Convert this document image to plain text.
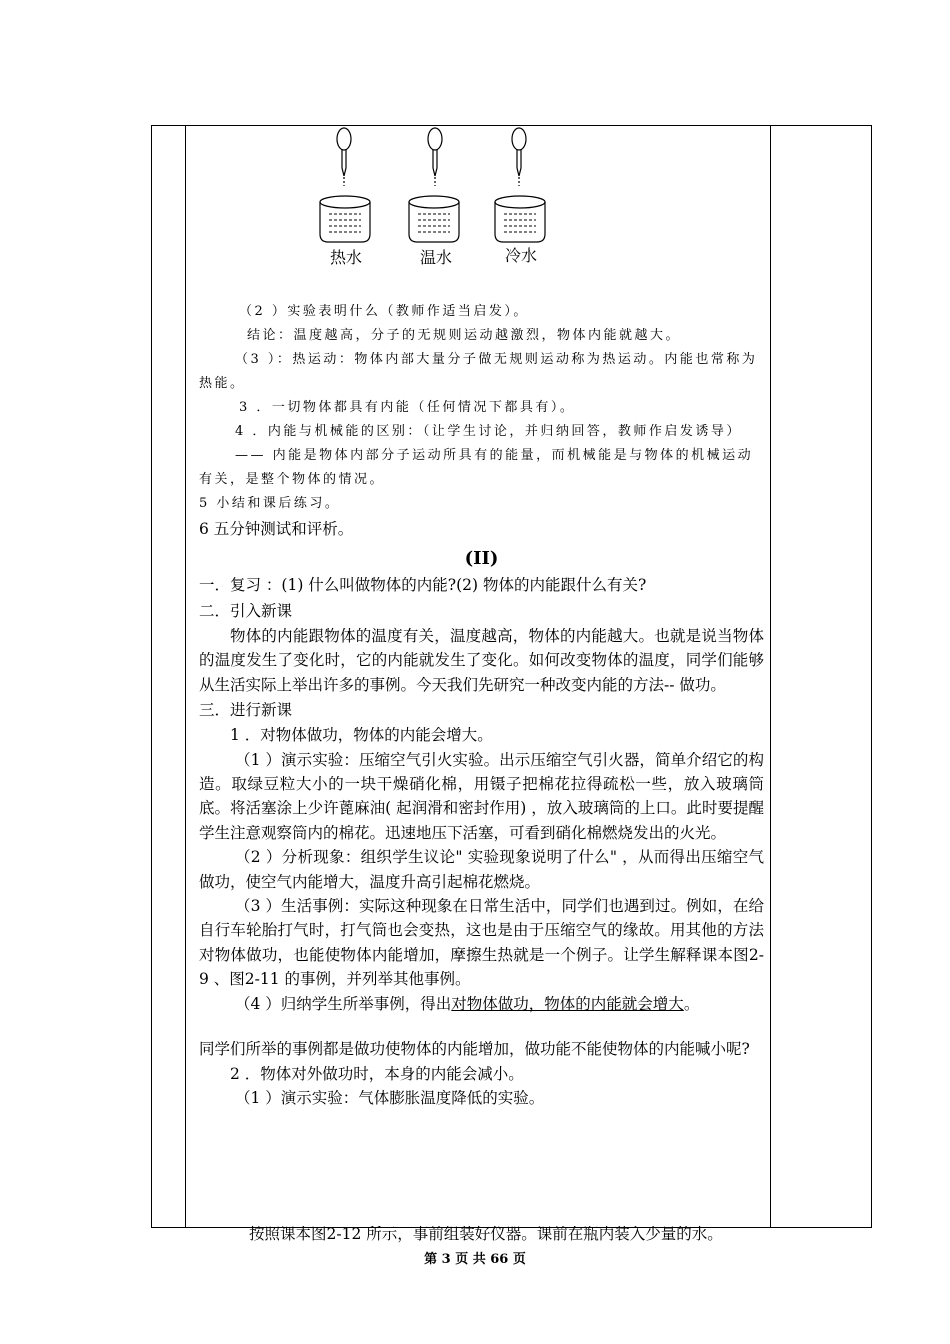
热水	温水	冷水

（2 ）实验表明什么（教师作适当启发）。

结论：温度越高，分子的无规则运动越激烈，物体内能就越大。

（3 ）：热运动：物体内部大量分子做无规则运动称为热运动。内能也常称为热能。

3 ．一切物体都具有内能（任何情况下都具有）。

4 ．内能与机械能的区别：（让学生讨论，并归纳回答，教师作启发诱导）

—— 内能是物体内部分子运动所具有的能量，而机械能是与物体的机械运动有关，是整个物体的情况。

5 小结和课后练习。

6 五分钟测试和评析。

(II)

一．复习 ：(1) 什么叫做物体的内能?(2) 物体的内能跟什么有关?

二．引入新课

物体的内能跟物体的温度有关，温度越高，物体的内能越大。也就是说当物体的温度发生了变化时，它的内能就发生了变化。如何改变物体的温度，同学们能够从生活实际上举出许多的事例。今天我们先研究一种改变内能的方法-- 做功。

三．进行新课

1 ．对物体做功，物体的内能会增大。

（1 ）演示实验：压缩空气引火实验。出示压缩空气引火器，简单介绍它的构造。取绿豆粒大小的一块干燥硝化棉，用镊子把棉花拉得疏松一些，放入玻璃筒底。将活塞涂上少许蓖麻油( 起润滑和密封作用) ，放入玻璃筒的上口。此时要提醒学生注意观察筒内的棉花。迅速地压下活塞，可看到硝化棉燃烧发出的火光。

（2 ）分析现象：组织学生议论" 实验现象说明了什么" ，从而得出压缩空气做功，使空气内能增大，温度升高引起棉花燃烧。

（3 ）生活事例：实际这种现象在日常生活中，同学们也遇到过。例如，在给自行车轮胎打气时，打气筒也会变热，这也是由于压缩空气的缘故。用其他的方法对物体做功，也能使物体内能增加，摩擦生热就是一个例子。让学生解释课本图2-9 、图2-11 的事例，并列举其他事例。

（4 ）归纳学生所举事例，得出对物体做功，物体的内能就会增大。

同学们所举的事例都是做功使物体的内能增加，做功能不能使物体的内能喊小呢?

2 ．物体对外做功时，本身的内能会减小。

（1 ）演示实验：气体膨胀温度降低的实验。

按照课本图2-12 所示，事前组装好仪器。课前在瓶内装入少量的水。
第 3 页 共 66 页
